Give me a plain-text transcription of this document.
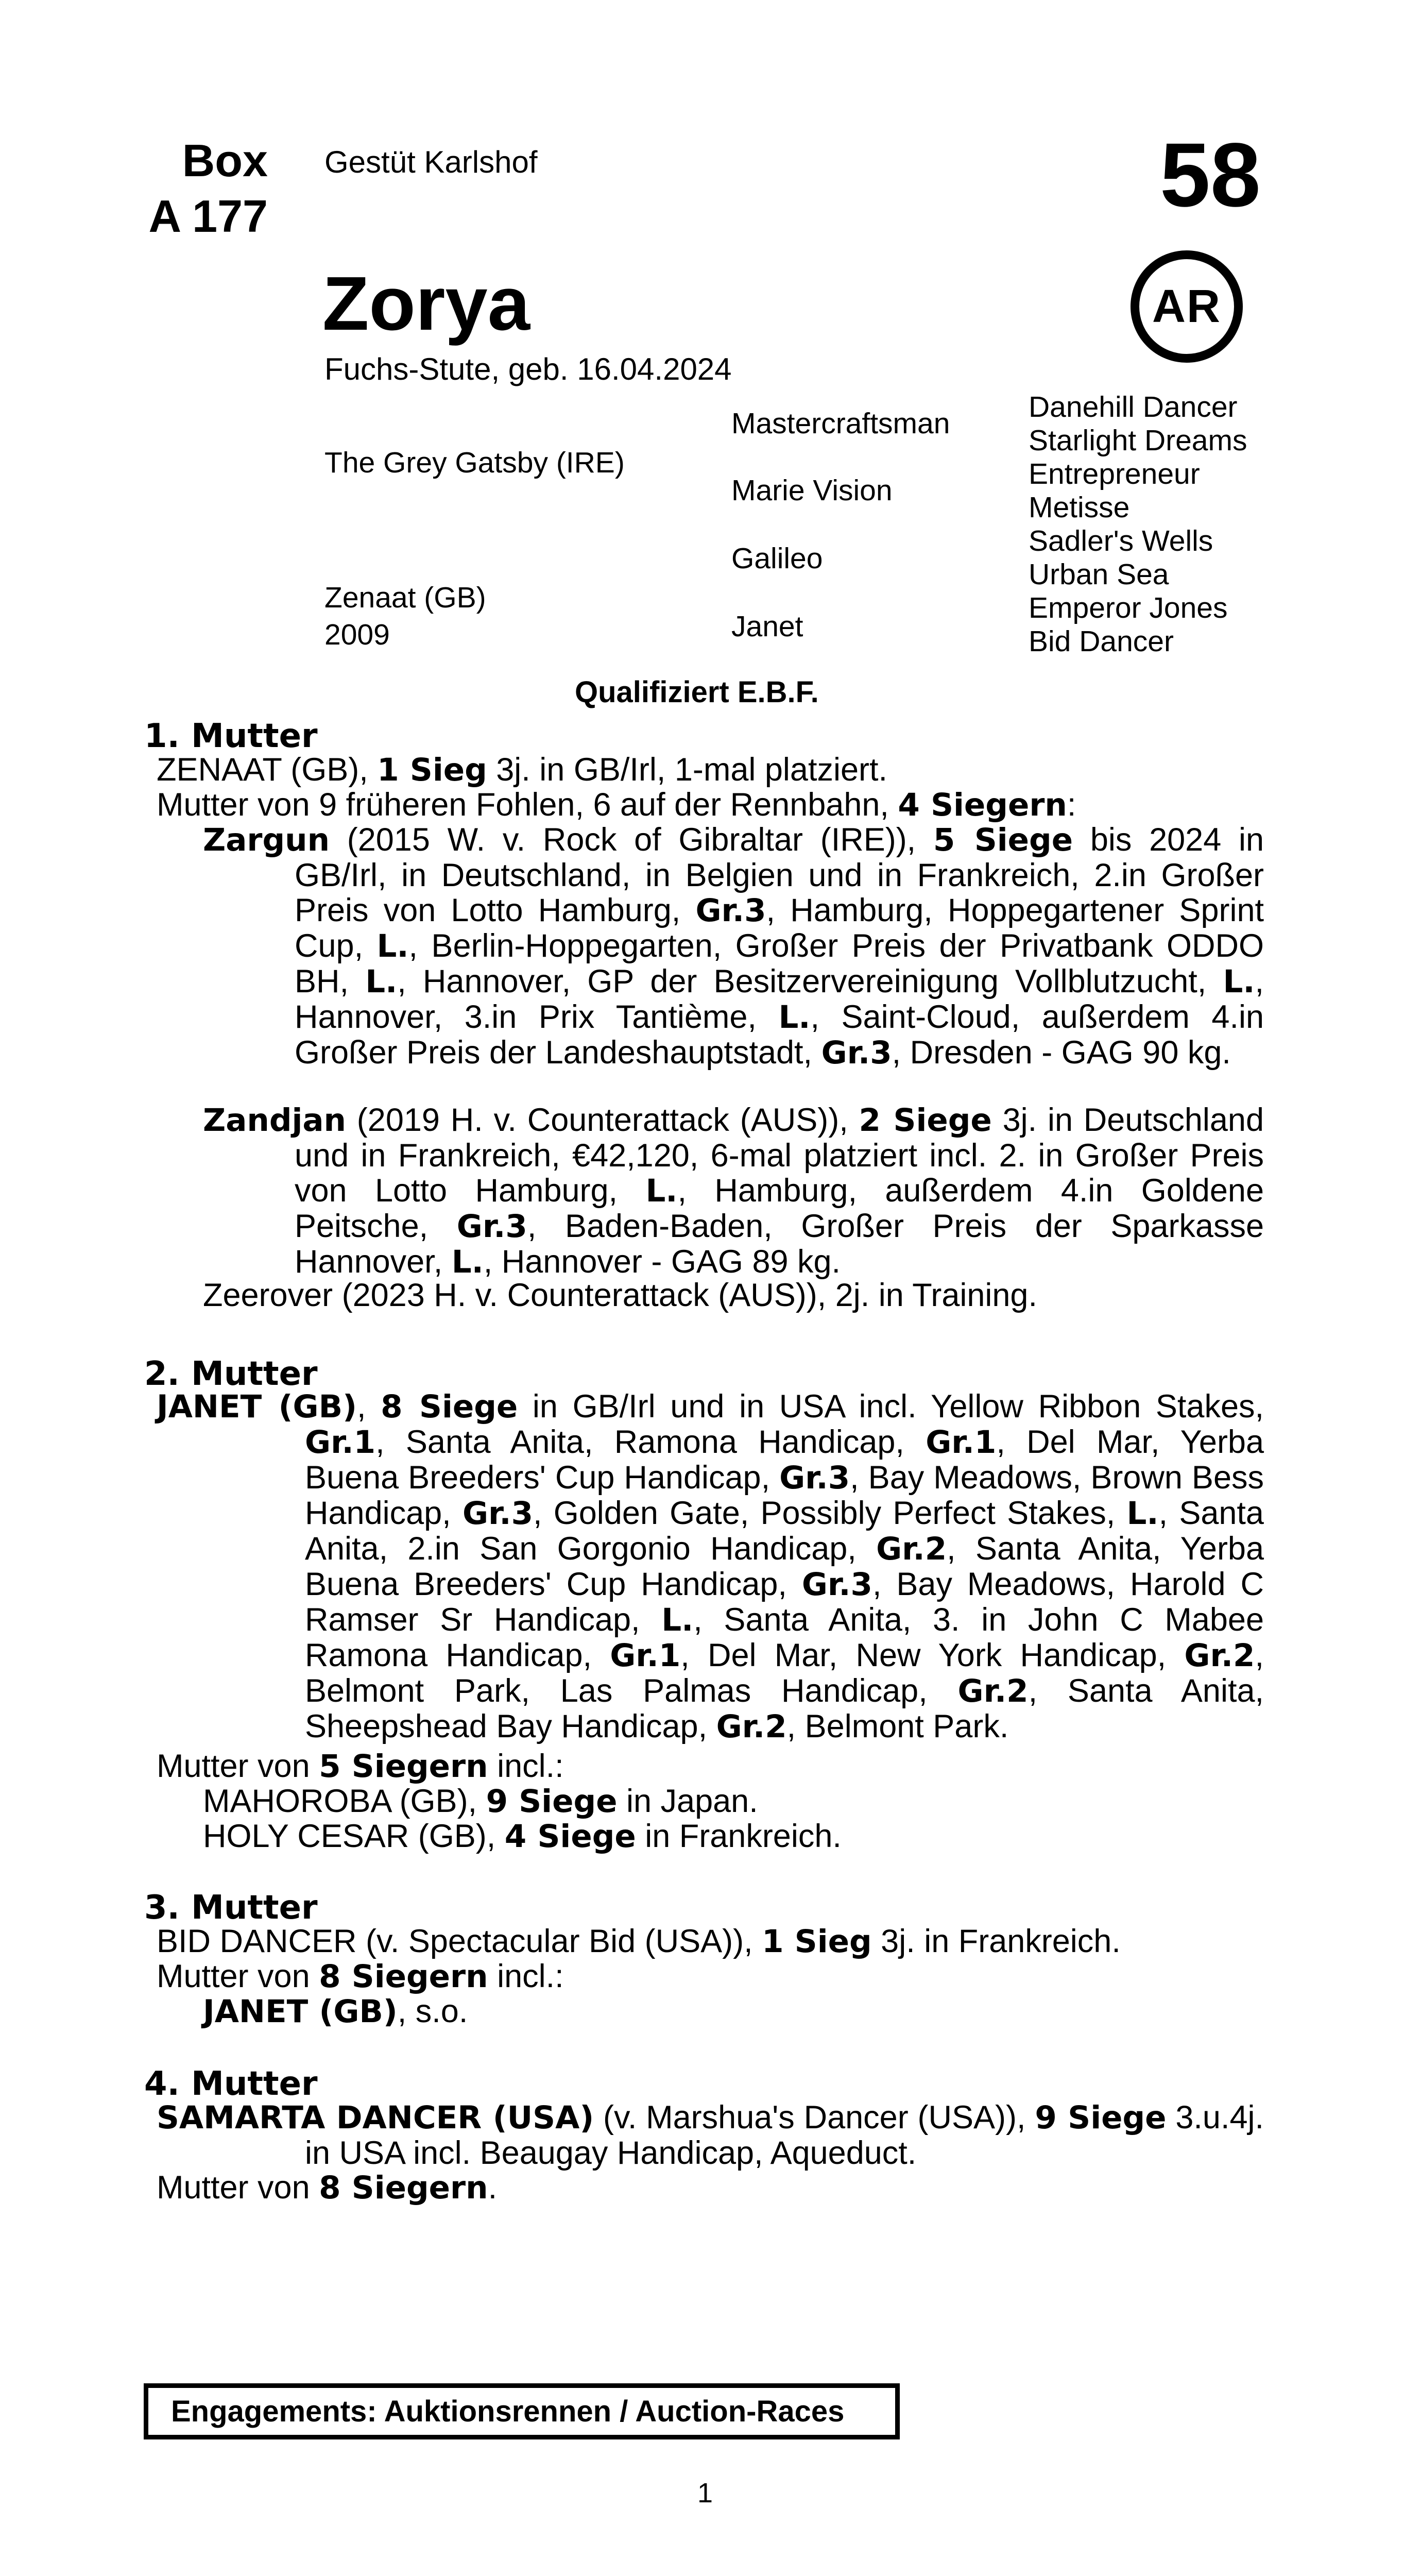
Box
A 177
Gestüt Karlshof	58
AR
Zorya
Fuchs-Stute, geb. 16.04.2024
The Grey Gatsby (IRE)
Zenaat (GB)
2009
Mastercraftsman
Marie Vision
Galileo
Janet
Danehill Dancer
Starlight Dreams
Entrepreneur
Metisse
Sadler's Wells
Urban Sea
Emperor Jones
Bid Dancer
Qualifiziert E.B.F.
1. Mutter
ZENAAT (GB), 1 Sieg 3j. in GB/Irl, 1-mal platziert.
Mutter von 9 früheren Fohlen, 6 auf der Rennbahn, 4 Siegern:
Zargun (2015 W. v. Rock of Gibraltar (IRE)), 5 Siege bis 2024 in GB/Irl, in Deutschland, in Belgien und in Frankreich, 2.in Großer Preis von Lotto Hamburg, Gr.3, Hamburg, Hoppegartener Sprint Cup, L., Berlin-Hoppegarten, Großer Preis der Privatbank ODDO BH, L., Hannover, GP der Besitzervereinigung Vollblutzucht, L., Hannover, 3.in Prix Tantième, L., Saint-Cloud, außerdem 4.in Großer Preis der Landeshauptstadt, Gr.3, Dresden - GAG 90 kg.
Zandjan (2019 H. v. Counterattack (AUS)), 2 Siege 3j. in Deutschland und in Frankreich, €42,120, 6-mal platziert incl. 2. in Großer Preis von Lotto Hamburg, L., Hamburg, außerdem 4.in Goldene Peitsche, Gr.3, Baden-Baden, Großer Preis der Sparkasse Hannover, L., Hannover - GAG 89 kg.
Zeerover (2023 H. v. Counterattack (AUS)), 2j. in Training.
2. Mutter
JANET (GB), 8 Siege in GB/Irl und in USA incl. Yellow Ribbon Stakes, Gr.1, Santa Anita, Ramona Handicap, Gr.1, Del Mar, Yerba Buena Breeders' Cup Handicap, Gr.3, Bay Meadows, Brown Bess Handicap, Gr.3, Golden Gate, Possibly Perfect Stakes, L., Santa Anita, 2.in San Gorgonio Handicap, Gr.2, Santa Anita, Yerba Buena Breeders' Cup Handicap, Gr.3, Bay Meadows, Harold C Ramser Sr Handicap, L., Santa Anita, 3. in John C Mabee Ramona Handicap, Gr.1, Del Mar, New York Handicap, Gr.2, Belmont Park, Las Palmas Handicap, Gr.2, Santa Anita, Sheepshead Bay Handicap, Gr.2, Belmont Park.
Mutter von 5 Siegern incl.:
MAHOROBA (GB), 9 Siege in Japan.
HOLY CESAR (GB), 4 Siege in Frankreich.
3. Mutter
BID DANCER (v. Spectacular Bid (USA)), 1 Sieg 3j. in Frankreich.
Mutter von 8 Siegern incl.:
JANET (GB), s.o.
4. Mutter
SAMARTA DANCER (USA) (v. Marshua's Dancer (USA)), 9 Siege 3.u.4j. in USA incl. Beaugay Handicap, Aqueduct.
Mutter von 8 Siegern.
Engagements: Auktionsrennen / Auction-Races
1
